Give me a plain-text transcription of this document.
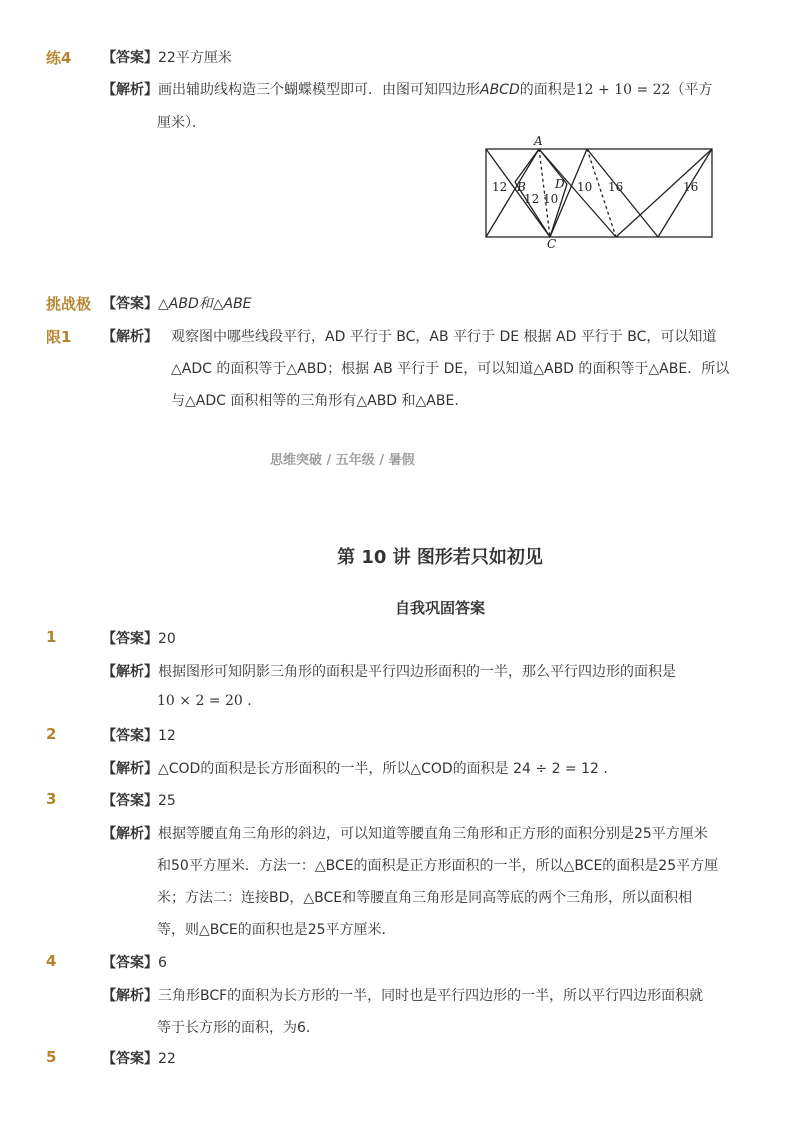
练4 【答案】22平方厘米
【解析】画出辅助线构造三个蝴蝶模型即可．由图可知四边形ABCD的面积是12 + 10 = 22（平方
厘米）．
A
B D
C
12
12 10
10 16	16
挑战极
限1
【答案】△ABD和△ABE
【解析】 观察图中哪些线段平行，AD 平行于 BC，AB 平行于 DE 根据 AD 平行于 BC，可以知道
△ADC 的面积等于△ABD；根据 AB 平行于 DE，可以知道△ABD 的面积等于△ABE．所以
与△ADC 面积相等的三角形有△ABD 和△ABE.
思维突破 / 五年级 / 暑假
第 10 讲 图形若只如初见
自我巩固答案
1	【答案】20
【解析】根据图形可知阴影三角形的面积是平行四边形面积的一半，那么平行四边形的面积是
10 × 2 = 20 .
2	【答案】12
【解析】△COD的面积是长方形面积的一半，所以△COD的面积是 24 ÷ 2 = 12 .
3	【答案】25
【解析】根据等腰直角三角形的斜边，可以知道等腰直角三角形和正方形的面积分别是25平方厘米
和50平方厘米．方法一：△BCE的面积是正方形面积的一半，所以△BCE的面积是25平方厘
米；方法二：连接BD，△BCE和等腰直角三角形是同高等底的两个三角形，所以面积相
等，则△BCE的面积也是25平方厘米．
4	【答案】6
【解析】三角形BCF的面积为长方形的一半，同时也是平行四边形的一半，所以平行四边形面积就
等于长方形的面积，为6．
5	【答案】22
